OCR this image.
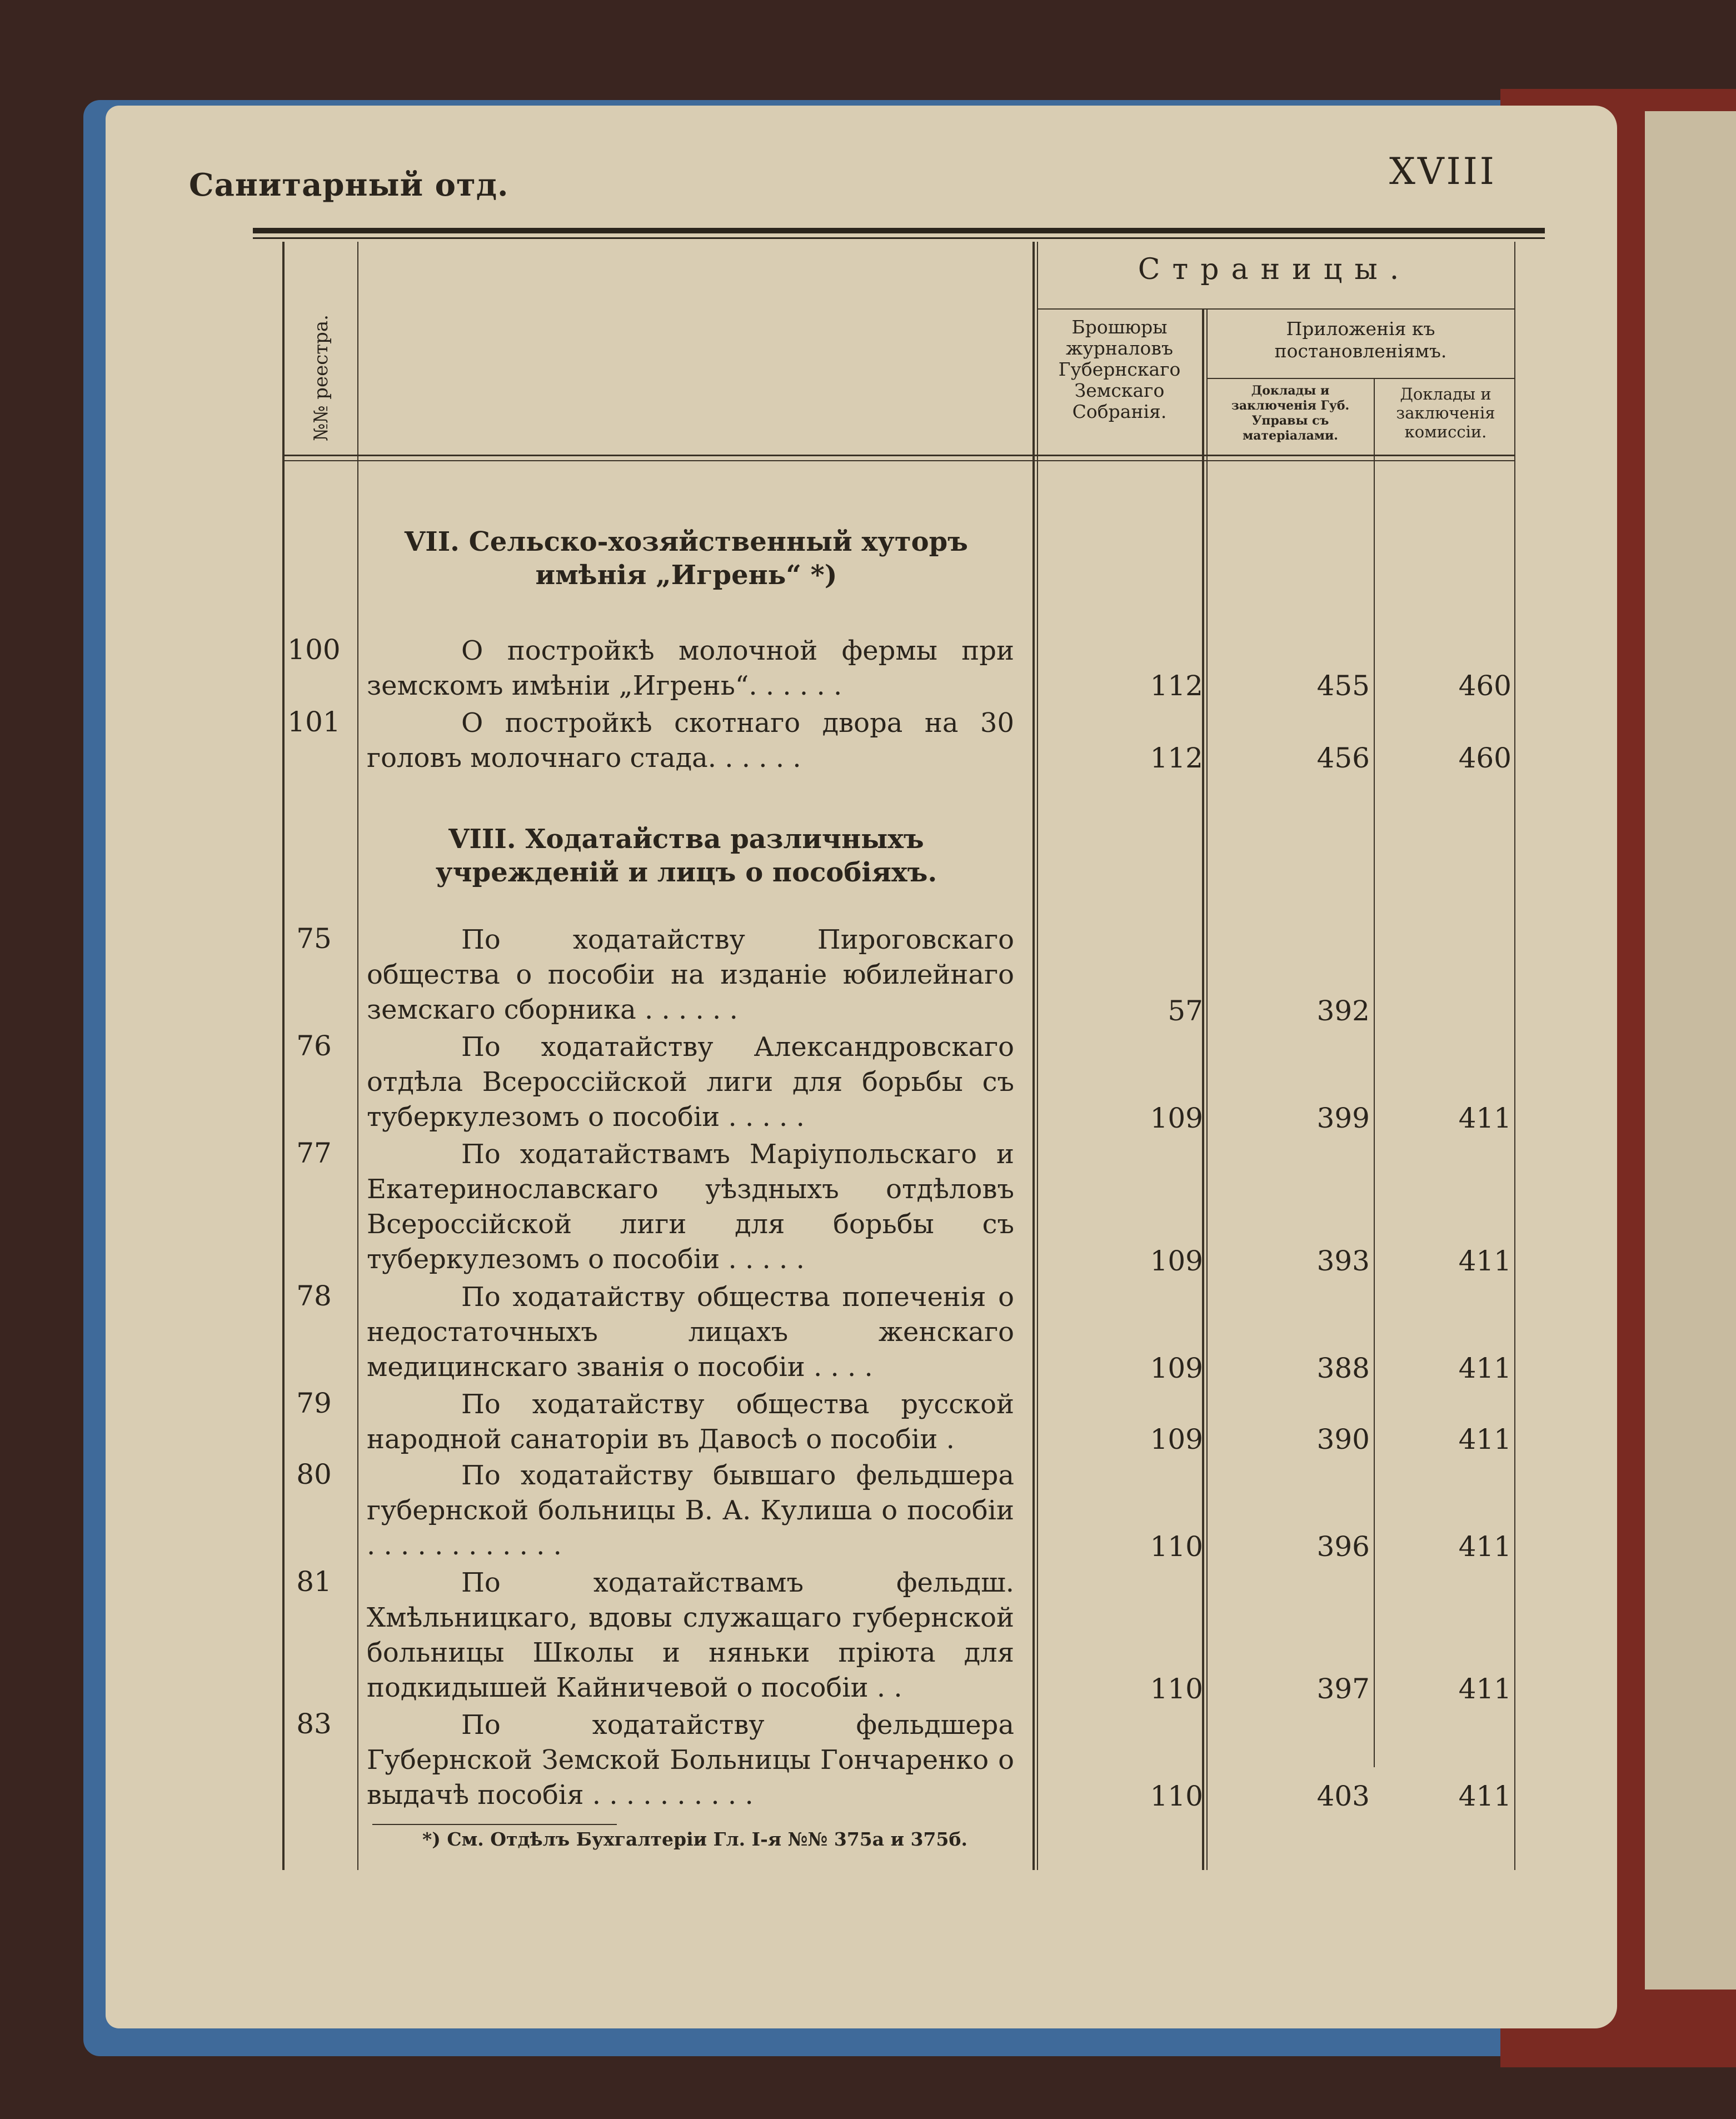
Санитарный отд.	XVIII
№№ реестра.
Страницы.
Брошюры журналовъ Губернскаго Земскаго Собранія.
Приложенія къ постановленіямъ.
Доклады и заключенія Губ. Управы съ матеріалами.
Доклады и заключенія комиссіи.
VII. Сельско-хозяйственный хуторъ имѣнія „Игрень“ *)
100	О постройкѣ молочной фермы при земскомъ имѣніи „Игрень“. . . . . .	112	455	460
101	О постройкѣ скотнаго двора на 30 головъ молочнаго стада. . . . . .	112	456	460
VIII. Ходатайства различныхъ учрежденій и лицъ о пособіяхъ.
75	По ходатайству Пироговскаго общества о пособіи на изданіе юбилейнаго земскаго сборника . . . . . .	57	392
76	По ходатайству Александровскаго отдѣла Всероссійской лиги для борьбы съ туберкулезомъ о пособіи . . . . .	109	399	411
77	По ходатайствамъ Маріупольскаго и Екатеринославскаго уѣздныхъ отдѣловъ Всероссійской лиги для борьбы съ туберкулезомъ о пособіи . . . . .	109	393	411
78	По ходатайству общества попеченія о недостаточныхъ лицахъ женскаго медицинскаго званія о пособіи . . . .	109	388	411
79	По ходатайству общества русской народной санаторіи въ Давосѣ о пособіи .	109	390	411
80	По ходатайству бывшаго фельдшера губернской больницы В. А. Кулиша о пособіи . . . . . . . . . . . .	110	396	411
81	По ходатайствамъ фельдш. Хмѣльницкаго, вдовы служащаго губернской больницы Школы и няньки пріюта для подкидышей Кайничевой о пособіи . .	110	397	411
83	По ходатайству фельдшера Губернской Земской Больницы Гончаренко о выдачѣ пособія . . . . . . . . . .	110	403	411
*) См. Отдѣлъ Бухгалтеріи Гл. I-я №№ 375а и 375б.
